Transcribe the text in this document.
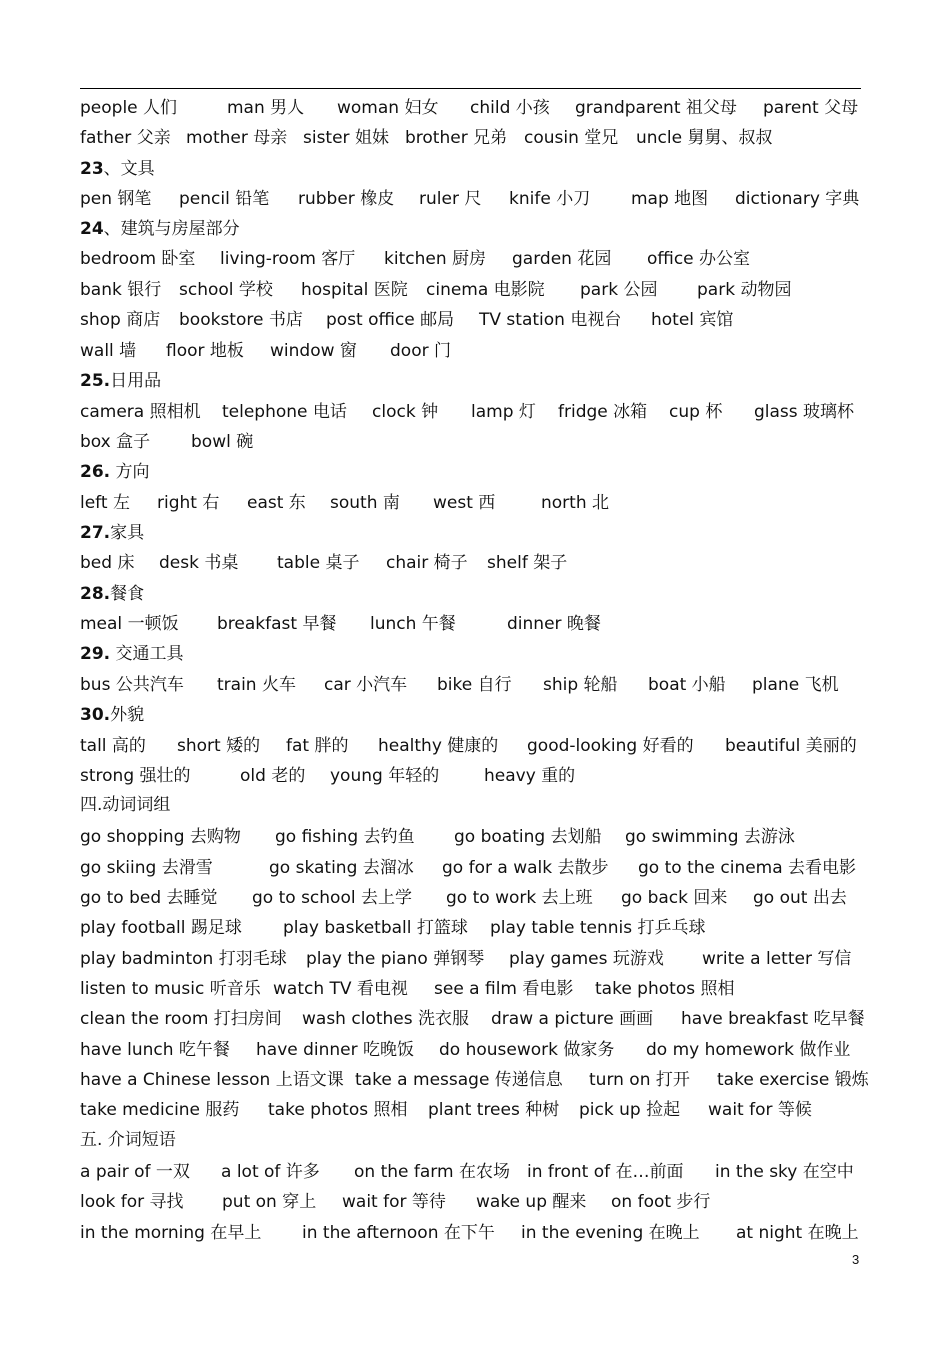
people 人们	man 男人 woman 妇女 child 小孩 grandparent 祖父母 parent 父母
father 父亲 mother 母亲 sister 姐妹 brother 兄弟 cousin 堂兄 uncle 舅舅、叔叔
23、文具
pen 钢笔 pencil 铅笔 rubber 橡皮 ruler 尺 knife 小刀 map 地图 dictionary 字典
24、建筑与房屋部分
bedroom 卧室 living-room 客厅 kitchen 厨房 garden 花园 office 办公室
bank 银行 school 学校 hospital 医院 cinema 电影院 park 公园 park 动物园
shop 商店 bookstore 书店 post office 邮局 TV station 电视台 hotel 宾馆
wall 墙 floor 地板 window 窗 door 门
25.日用品
camera 照相机 telephone 电话 clock 钟 lamp 灯 fridge 冰箱 cup 杯 glass 玻璃杯
box 盒子 bowl 碗
26. 方向
left 左 right 右 east 东 south 南 west 西	north 北
27.家具
bed 床 desk 书桌 table 桌子 chair 椅子 shelf 架子
28.餐食
meal 一顿饭 breakfast 早餐 lunch 午餐	dinner 晚餐
29. 交通工具
bus 公共汽车 train 火车 car 小汽车 bike 自行 ship 轮船 boat 小船 plane 飞机
30.外貌
tall 高的 short 矮的 fat 胖的 healthy 健康的 good-looking 好看的 beautiful 美丽的
strong 强壮的	old 老的 young 年轻的	heavy 重的
四.动词词组
go shopping 去购物 go fishing 去钓鱼 go boating 去划船 go swimming 去游泳
go skiing 去滑雪	go skating 去溜冰 go for a walk 去散步 go to the cinema 去看电影
go to bed 去睡觉 go to school 去上学 go to work 去上班 go back 回来 go out 出去
play football 踢足球 play basketball 打篮球 play table tennis 打乒乓球
play badminton 打羽毛球 play the piano 弹钢琴 play games 玩游戏 write a letter 写信
listen to music 听音乐 watch TV 看电视 see a film 看电影 take photos 照相
clean the room 打扫房间 wash clothes 洗衣服 draw a picture 画画 have breakfast 吃早餐
have lunch 吃午餐 have dinner 吃晚饭 do housework 做家务 do my homework 做作业
have a Chinese lesson 上语文课 take a message 传递信息 turn on 打开 take exercise 锻炼
take medicine 服药 take photos 照相 plant trees 种树 pick up 捡起 wait for 等候
五. 介词短语
a pair of 一双 a lot of 许多 on the farm 在农场 in front of 在…前面 in the sky 在空中
look for 寻找 put on 穿上 wait for 等待 wake up 醒来 on foot 步行
in the morning 在早上 in the afternoon 在下午 in the evening 在晚上 at night 在晚上
3
